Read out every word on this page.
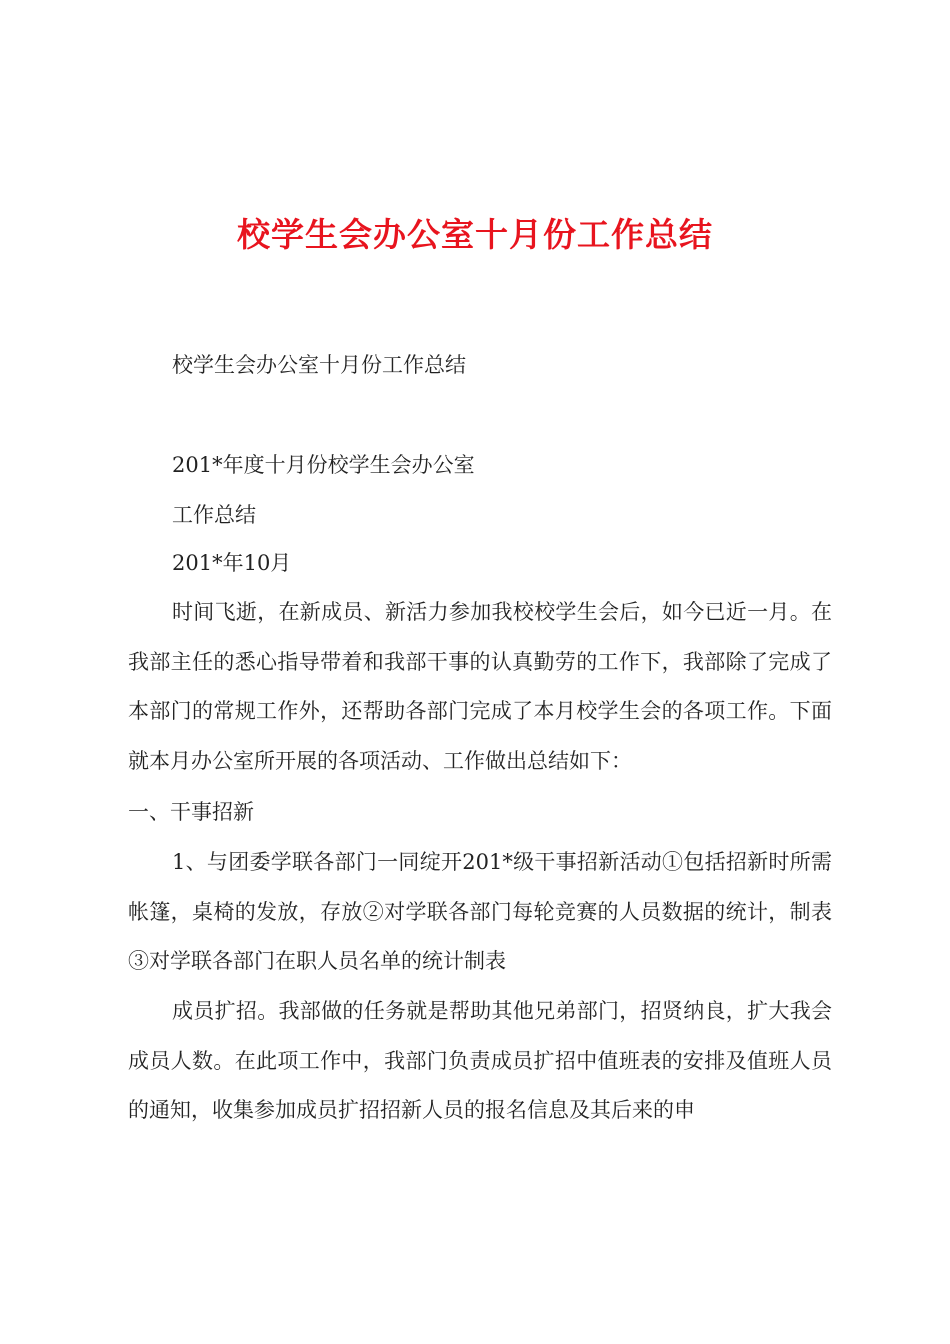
校学生会办公室十月份工作总结
校学生会办公室十月份工作总结
201*年度十月份校学生会办公室
工作总结
201*年10月
时间飞逝，在新成员、新活力参加我校校学生会后，如今已近一月。在我部主任的悉心指导带着和我部干事的认真勤劳的工作下，我部除了完成了本部门的常规工作外，还帮助各部门完成了本月校学生会的各项工作。下面就本月办公室所开展的各项活动、工作做出总结如下：
一、干事招新
1、与团委学联各部门一同绽开201*级干事招新活动①包括招新时所需帐篷，桌椅的发放，存放②对学联各部门每轮竞赛的人员数据的统计，制表③对学联各部门在职人员名单的统计制表
成员扩招。我部做的任务就是帮助其他兄弟部门，招贤纳良，扩大我会成员人数。在此项工作中，我部门负责成员扩招中值班表的安排及值班人员的通知，收集参加成员扩招招新人员的报名信息及其后来的申
